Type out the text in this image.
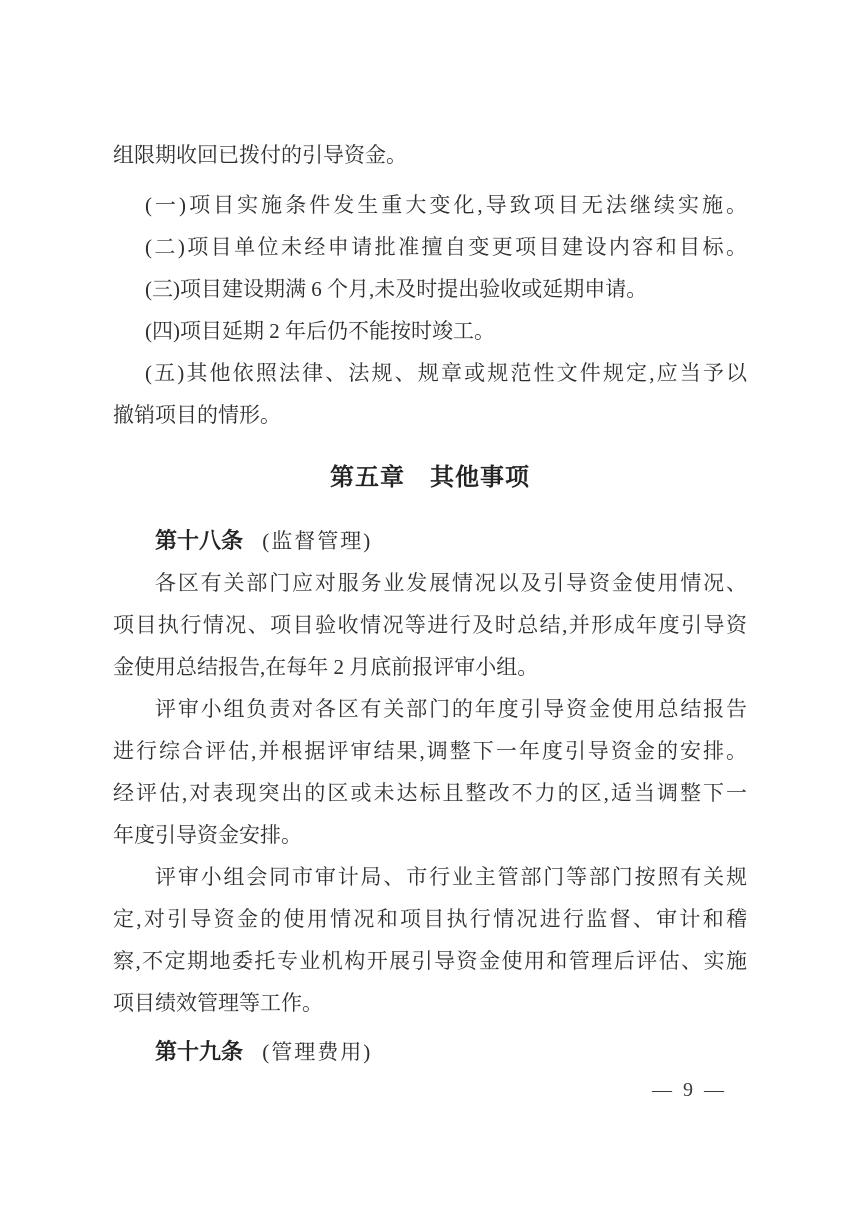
组限期收回已拨付的引导资金。

(一)项目实施条件发生重大变化,导致项目无法继续实施。

(二)项目单位未经申请批准擅自变更项目建设内容和目标。

(三)项目建设期满 6 个月,未及时提出验收或延期申请。

(四)项目延期 2 年后仍不能按时竣工。

(五)其他依照法律、法规、规章或规范性文件规定,应当予以

撤销项目的情形。

第五章　其他事项

第十八条 (监督管理)

各区有关部门应对服务业发展情况以及引导资金使用情况、

项目执行情况、项目验收情况等进行及时总结,并形成年度引导资

金使用总结报告,在每年 2 月底前报评审小组。

评审小组负责对各区有关部门的年度引导资金使用总结报告

进行综合评估,并根据评审结果,调整下一年度引导资金的安排。

经评估,对表现突出的区或未达标且整改不力的区,适当调整下一

年度引导资金安排。

评审小组会同市审计局、市行业主管部门等部门按照有关规

定,对引导资金的使用情况和项目执行情况进行监督、审计和稽

察,不定期地委托专业机构开展引导资金使用和管理后评估、实施

项目绩效管理等工作。

第十九条 (管理费用)

— 9 —
